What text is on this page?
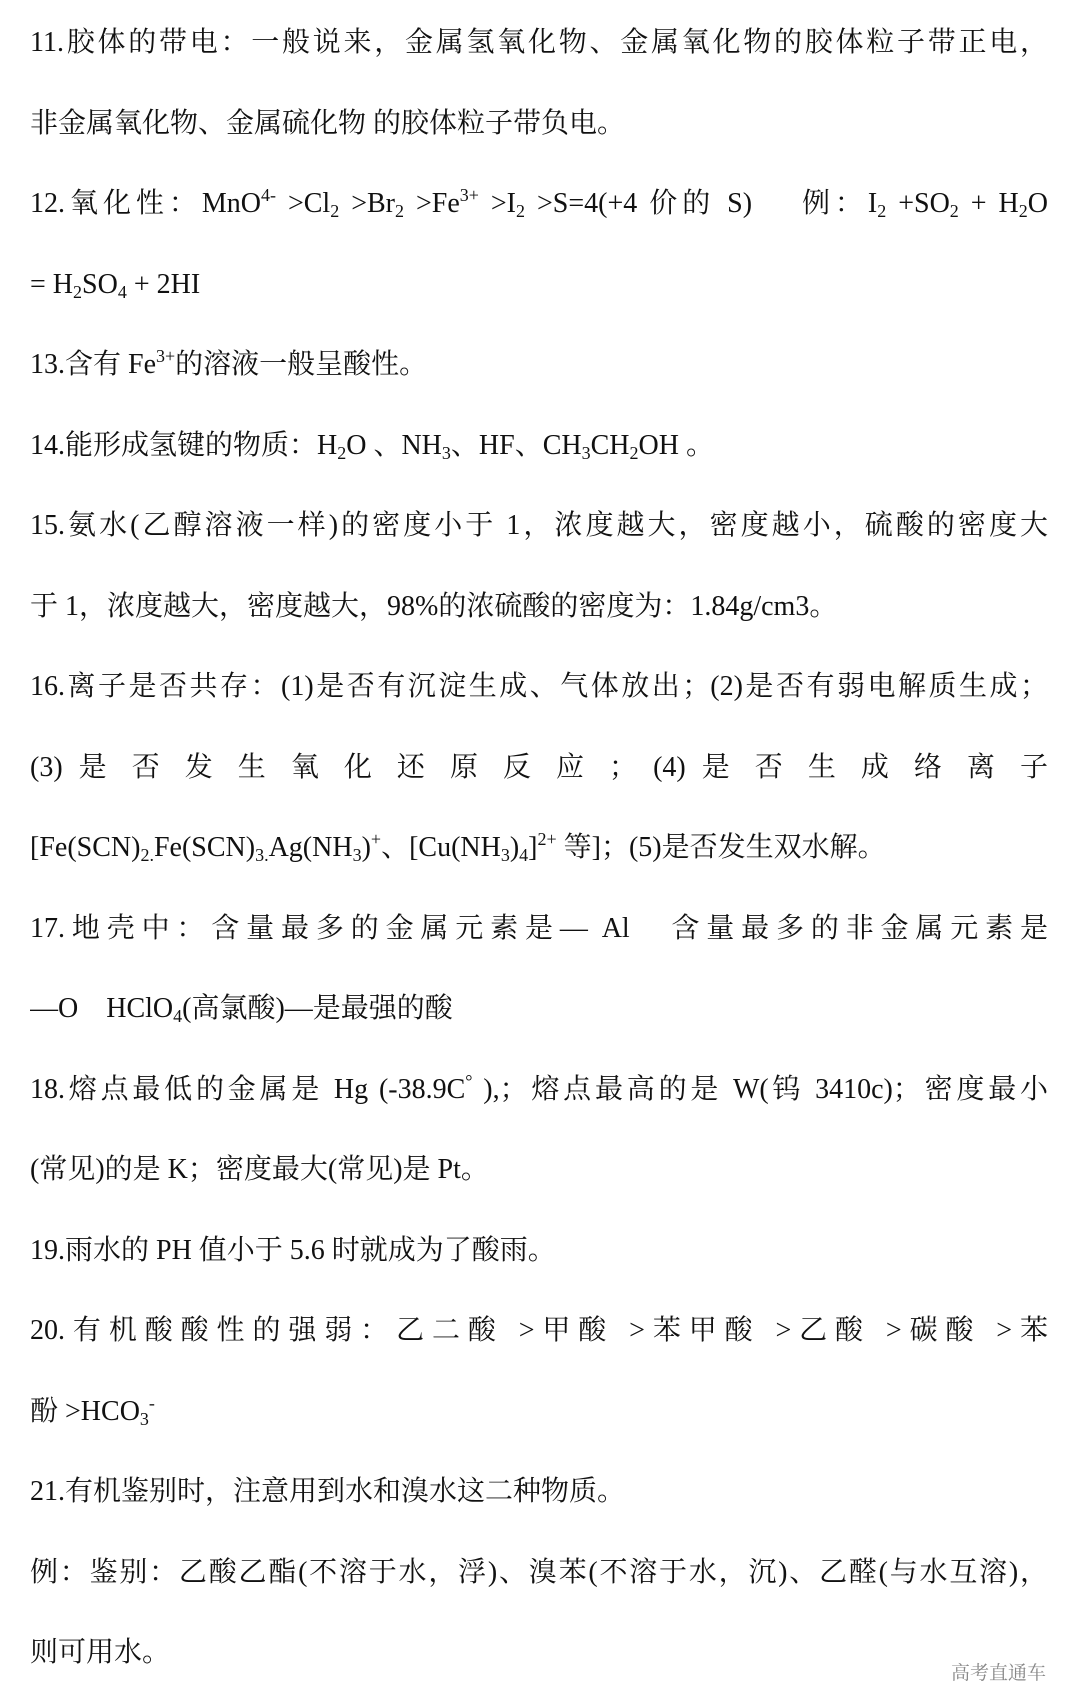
11.胶体的带电：一般说来，金属氢氧化物、金属氧化物的胶体粒子带正电，
非金属氧化物、金属硫化物 的胶体粒子带负电。
12.氧化性：$MnO^{4-} >Cl_2 >Br_2 >Fe^{3+} >I_2 >S=4(+4$ 价的 S)　 例：$I_2 +SO_2 + H_2O$
= $H_2SO_4 + 2HI$
13.含有 $Fe^{3+}$的溶液一般呈酸性。
14.能形成氢键的物质：$H_2O$ 、$NH_3$、HF、$CH_3CH_2OH$ 。
15.氨水(乙醇溶液一样)的密度小于 1，浓度越大，密度越小，硫酸的密度大
于 1，浓度越大，密度越大，98%的浓硫酸的密度为：1.84g/cm3。
16.离子是否共存：(1)是否有沉淀生成、气体放出；(2)是否有弱电解质生成；
(3) 是 否 发 生 氧 化 还 原 反 应 ； (4) 是 否 生 成 络 离 子
[$Fe(SCN)_{2.}Fe(SCN)_{3.}Ag(NH_3)^+$、$[Cu(NH_3)_4]^{2+}$ 等]；(5)是否发生双水解。
17.地壳中：含量最多的金属元素是— Al　含量最多的非金属元素是
—O　HClO$_4$(高氯酸)—是最强的酸
18.熔点最低的金属是 Hg (-38.9C° ),；熔点最高的是 W(钨 3410c)；密度最小
(常见)的是 K；密度最大(常见)是 Pt。
19.雨水的 PH 值小于 5.6 时就成为了酸雨。
20.有机酸酸性的强弱：乙二酸 >甲酸 >苯甲酸 >乙酸 >碳酸 >苯
酚 $>HCO_3^-$
21.有机鉴别时，注意用到水和溴水这二种物质。
例：鉴别：乙酸乙酯(不溶于水，浮)、溴苯(不溶于水，沉)、乙醛(与水互溶)，
则可用水。
高考直通车
